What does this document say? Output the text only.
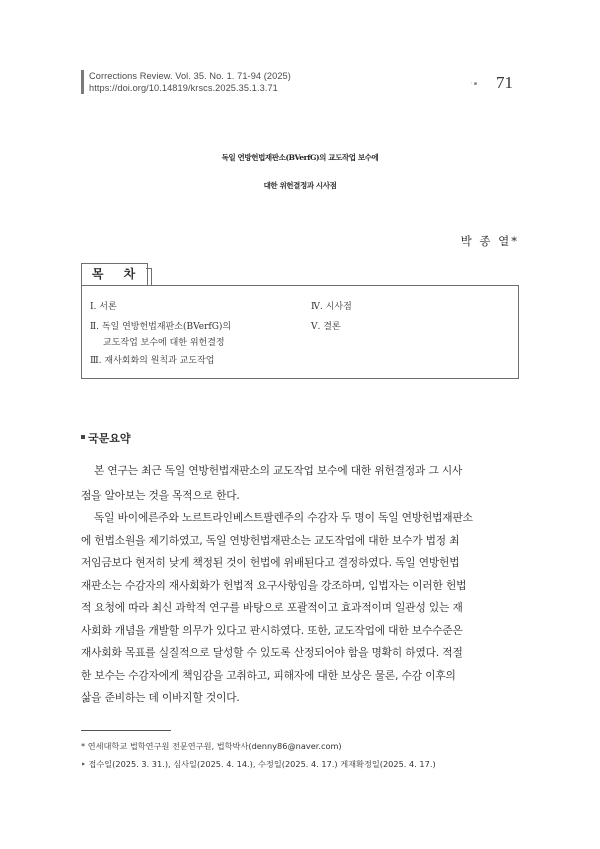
Corrections Review. Vol. 35. No. 1. 71-94 (2025)
https://doi.org/10.14819/krscs.2025.35.1.3.71	ㆍ■ 71
독일 연방헌법재판소(BVerfG)의 교도작업 보수에
대한 위헌결정과 시사점
박 종 열*
목 차
Ⅰ. 서론
Ⅱ. 독일 연방헌법재판소(BVerfG)의
교도작업 보수에 대한 위헌결정
Ⅲ. 재사회화의 원칙과 교도작업
Ⅳ. 시사점
Ⅴ. 결론
국문요약
본 연구는 최근 독일 연방헌법재판소의 교도작업 보수에 대한 위헌결정과 그 시사
점을 알아보는 것을 목적으로 한다.
독일 바이에른주와 노르트라인베스트팔렌주의 수감자 두 명이 독일 연방헌법재판소
에 헌법소원을 제기하였고, 독일 연방헌법재판소는 교도작업에 대한 보수가 법정 최
저임금보다 현저히 낮게 책정된 것이 헌법에 위배된다고 결정하였다. 독일 연방헌법
재판소는 수감자의 재사회화가 헌법적 요구사항임을 강조하며, 입법자는 이러한 헌법
적 요청에 따라 최신 과학적 연구를 바탕으로 포괄적이고 효과적이며 일관성 있는 재
사회화 개념을 개발할 의무가 있다고 판시하였다. 또한, 교도작업에 대한 보수수준은
재사회화 목표를 실질적으로 달성할 수 있도록 산정되어야 함을 명확히 하였다. 적절
한 보수는 수감자에게 책임감을 고취하고, 피해자에 대한 보상은 물론, 수감 이후의
삶을 준비하는 데 이바지할 것이다.
* 연세대학교 법학연구원 전문연구원, 법학박사(denny86@naver.com)
‣ 접수일(2025. 3. 31.), 심사일(2025. 4. 14.), 수정일(2025. 4. 17.) 게재확정일(2025. 4. 17.)
